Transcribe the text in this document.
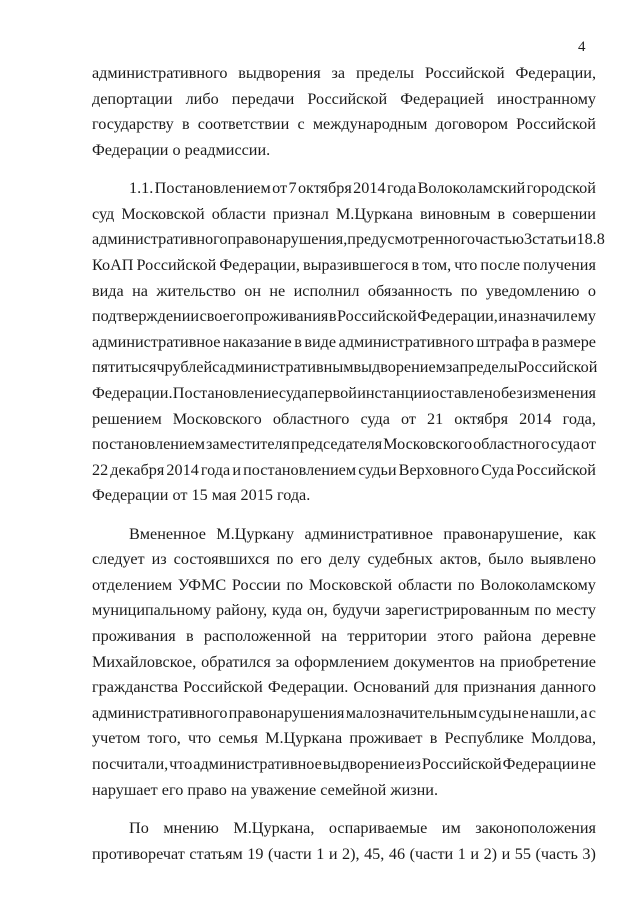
4
административного выдворения за пределы Российской Федерации,
депортации либо передачи Российской Федерацией иностранному
государству в соответствии с международным договором Российской
Федерации о реадмиссии.
1.1. Постановлением от 7 октября 2014 года Волоколамский городской
суд Московской области признал М.Цуркана виновным в совершении
административного правонарушения, предусмотренного частью 3 статьи 18.8
КоАП Российской Федерации, выразившегося в том, что после получения
вида на жительство он не исполнил обязанность по уведомлению о
подтверждении своего проживания в Российской Федерации, и назначил ему
административное наказание в виде административного штрафа в размере
пяти тысяч рублей с административным выдворением за пределы Российской
Федерации. Постановление суда первой инстанции оставлено без изменения
решением Московского областного суда от 21 октября 2014 года,
постановлением заместителя председателя Московского областного суда от
22 декабря 2014 года и постановлением судьи Верховного Суда Российской
Федерации от 15 мая 2015 года.
Вмененное М.Цуркану административное правонарушение, как
следует из состоявшихся по его делу судебных актов, было выявлено
отделением УФМС России по Московской области по Волоколамскому
муниципальному району, куда он, будучи зарегистрированным по месту
проживания в расположенной на территории этого района деревне
Михайловское, обратился за оформлением документов на приобретение
гражданства Российской Федерации. Оснований для признания данного
административного правонарушения малозначительным суды не нашли, а с
учетом того, что семья М.Цуркана проживает в Республике Молдова,
посчитали, что административное выдворение из Российской Федерации не
нарушает его право на уважение семейной жизни.
По мнению М.Цуркана, оспариваемые им законоположения
противоречат статьям 19 (части 1 и 2), 45, 46 (части 1 и 2) и 55 (часть 3)
